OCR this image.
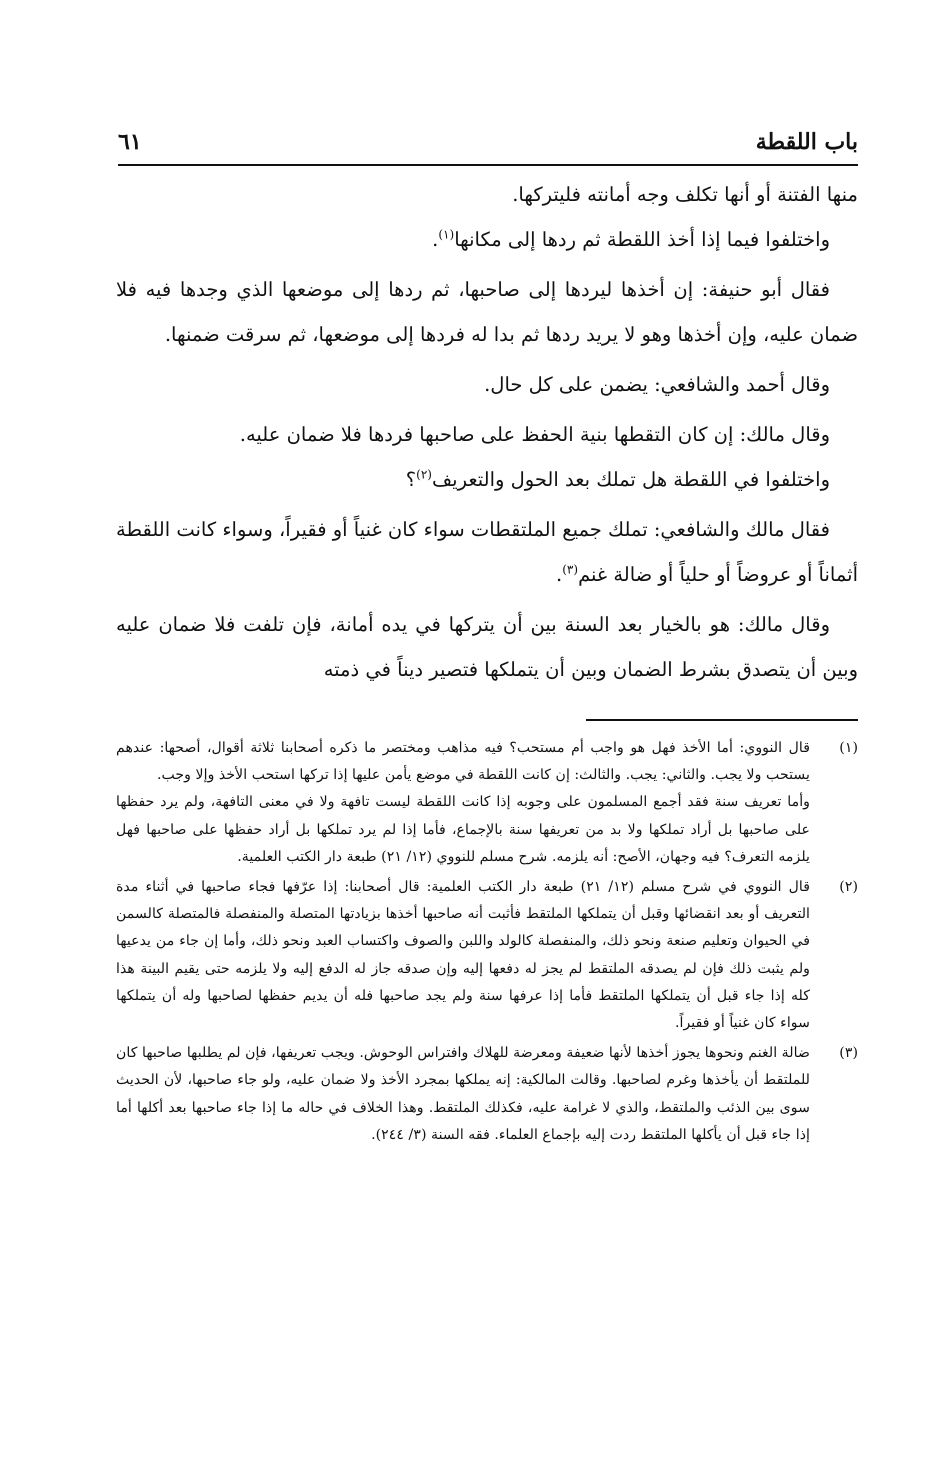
باب اللقطة
٦١

منها الفتنة أو أنها تكلف وجه أمانته فليتركها.

واختلفوا فيما إذا أخذ اللقطة ثم ردها إلى مكانها$^{(١)}$.

فقال أبو حنيفة: إن أخذها ليردها إلى صاحبها، ثم ردها إلى موضعها الذي وجدها فيه فلا ضمان عليه، وإن أخذها وهو لا يريد ردها ثم بدا له فردها إلى موضعها، ثم سرقت ضمنها.

وقال أحمد والشافعي: يضمن على كل حال.

وقال مالك: إن كان التقطها بنية الحفظ على صاحبها فردها فلا ضمان عليه.

واختلفوا في اللقطة هل تملك بعد الحول والتعريف$^{(٢)}$؟

فقال مالك والشافعي: تملك جميع الملتقطات سواء كان غنياً أو فقيراً، وسواء كانت اللقطة أثماناً أو عروضاً أو حلياً أو ضالة غنم$^{(٣)}$.

وقال مالك: هو بالخيار بعد السنة بين أن يتركها في يده أمانة، فإن تلفت فلا ضمان عليه وبين أن يتصدق بشرط الضمان وبين أن يتملكها فتصير ديناً في ذمته

(١)

قال النووي: أما الأخذ فهل هو واجب أم مستحب؟ فيه مذاهب ومختصر ما ذكره أصحابنا ثلاثة أقوال، أصحها: عندهم يستحب ولا يجب. والثاني: يجب. والثالث: إن كانت اللقطة في موضع يأمن عليها إذا تركها استحب الأخذ وإلا وجب.

وأما تعريف سنة فقد أجمع المسلمون على وجوبه إذا كانت اللقطة ليست تافهة ولا في معنى التافهة، ولم يرد حفظها على صاحبها بل أراد تملكها ولا بد من تعريفها سنة بالإجماع، فأما إذا لم يرد تملكها بل أراد حفظها على صاحبها فهل يلزمه التعرف؟ فيه وجهان، الأصح: أنه يلزمه. شرح مسلم للنووي (١٢/ ٢١) طبعة دار الكتب العلمية.

(٢)

قال النووي في شرح مسلم (١٢/ ٢١) طبعة دار الكتب العلمية: قال أصحابنا: إذا عرّفها فجاء صاحبها في أثناء مدة التعريف أو بعد انقضائها وقبل أن يتملكها الملتقط فأثبت أنه صاحبها أخذها بزيادتها المتصلة والمنفصلة فالمتصلة كالسمن في الحيوان وتعليم صنعة ونحو ذلك، والمنفصلة كالولد واللبن والصوف واكتساب العبد ونحو ذلك، وأما إن جاء من يدعيها ولم يثبت ذلك فإن لم يصدقه الملتقط لم يجز له دفعها إليه وإن صدقه جاز له الدفع إليه ولا يلزمه حتى يقيم البينة هذا كله إذا جاء قبل أن يتملكها الملتقط فأما إذا عرفها سنة ولم يجد صاحبها فله أن يديم حفظها لصاحبها وله أن يتملكها سواء كان غنياً أو فقيراً.

(٣)

ضالة الغنم ونحوها يجوز أخذها لأنها ضعيفة ومعرضة للهلاك وافتراس الوحوش. ويجب تعريفها، فإن لم يطلبها صاحبها كان للملتقط أن يأخذها وغرم لصاحبها. وقالت المالكية: إنه يملكها بمجرد الأخذ ولا ضمان عليه، ولو جاء صاحبها، لأن الحديث سوى بين الذئب والملتقط، والذي لا غرامة عليه، فكذلك الملتقط. وهذا الخلاف في حاله ما إذا جاء صاحبها بعد أكلها أما إذا جاء قبل أن يأكلها الملتقط ردت إليه بإجماع العلماء. فقه السنة (٣/ ٢٤٤).
